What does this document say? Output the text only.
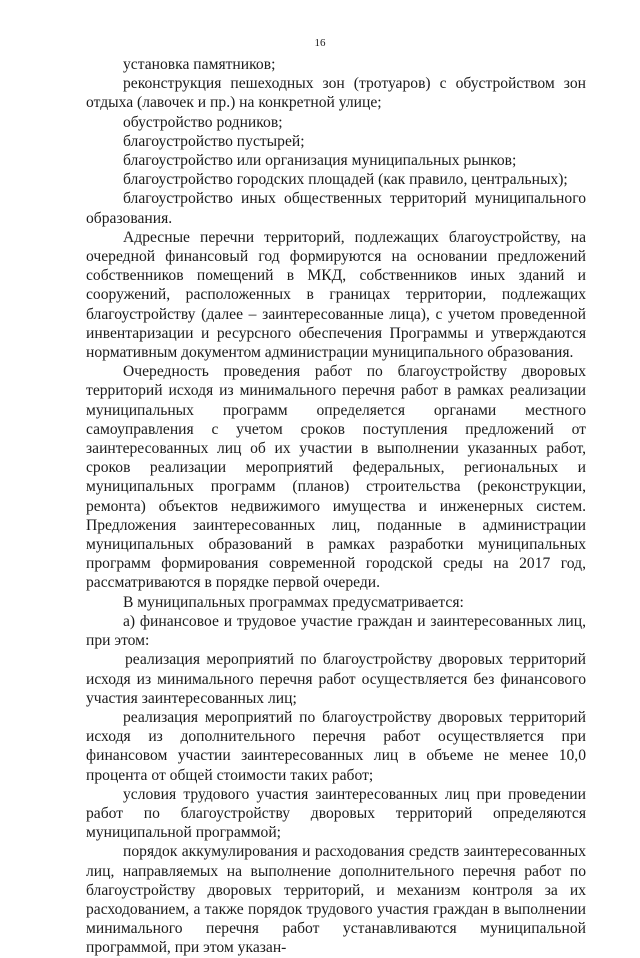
16

установка памятников;

реконструкция пешеходных зон (тротуаров) с обустройством зон отдыха (лавочек и пр.) на конкретной улице;

обустройство родников;

благоустройство пустырей;

благоустройство или организация муниципальных рынков;

благоустройство городских площадей (как правило, центральных);

благоустройство иных общественных территорий муниципального образования.

Адресные перечни территорий, подлежащих благоустройству, на очередной финансовый год формируются на основании предложений собственников помещений в МКД, собственников иных зданий и сооружений, расположенных в границах территории, подлежащих благоустройству (далее – заинтересованные лица), с учетом проведенной инвентаризации и ресурсного обеспечения Программы и утверждаются нормативным документом администрации муниципального образования.

Очередность проведения работ по благоустройству дворовых территорий исходя из минимального перечня работ в рамках реализации муниципальных программ определяется органами местного самоуправления с учетом сроков поступления предложений от заинтересованных лиц об их участии в выполнении указанных работ, сроков реализации мероприятий федеральных, региональных и муниципальных программ (планов) строительства (реконструкции, ремонта) объектов недвижимого имущества и инженерных систем. Предложения заинтересованных лиц, поданные в администрации муниципальных образований в рамках разработки муниципальных программ формирования современной городской среды на 2017 год, рассматриваются в порядке первой очереди.

В муниципальных программах предусматривается:

а) финансовое и трудовое участие граждан и заинтересованных лиц, при этом:

реализация мероприятий по благоустройству дворовых территорий исходя из минимального перечня работ осуществляется без финансового участия заинтересованных лиц;

реализация мероприятий по благоустройству дворовых территорий исходя из дополнительного перечня работ осуществляется при финансовом участии заинтересованных лиц в объеме не менее 10,0 процента от общей стоимости таких работ;

условия трудового участия заинтересованных лиц при проведении работ по благоустройству дворовых территорий определяются муниципальной программой;

порядок аккумулирования и расходования средств заинтересованных лиц, направляемых на выполнение дополнительного перечня работ по благоустройству дворовых территорий, и механизм контроля за их расходованием, а также порядок трудового участия граждан в выполнении минимального перечня работ устанавливаются муниципальной программой, при этом указан-
